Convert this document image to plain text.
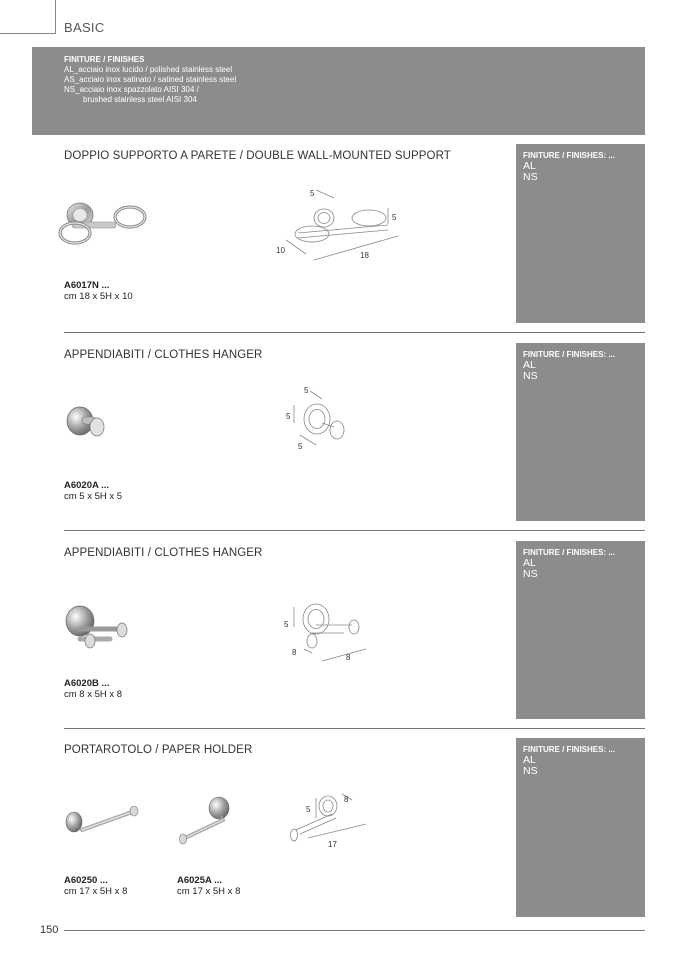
BASIC
FINITURE / FINISHES
AL_acciaio inox lucido / polished stainless steel
AS_acciaio inox satinato / satined stainless steel
NS_acciaio inox spazzolato AISI 304 /
brushed stainless steel AISI 304
DOPPIO SUPPORTO A PARETE / DOUBLE WALL-MOUNTED SUPPORT
5
5
10
18
A6017N ...
cm 18 x 5H x 10
FINITURE / FINISHES: ...
AL
NS
APPENDIABITI / CLOTHES HANGER
5
5
5
A6020A ...
cm 5 x 5H x 5
FINITURE / FINISHES: ...
AL
NS
APPENDIABITI / CLOTHES HANGER
5
8
8
A6020B ...
cm 8 x 5H x 8
FINITURE / FINISHES: ...
AL
NS
PORTAROTOLO / PAPER HOLDER
5
8
17
A60250 ...
cm 17 x 5H x 8
A6025A ...
cm 17 x 5H x 8
FINITURE / FINISHES: ...
AL
NS
150
